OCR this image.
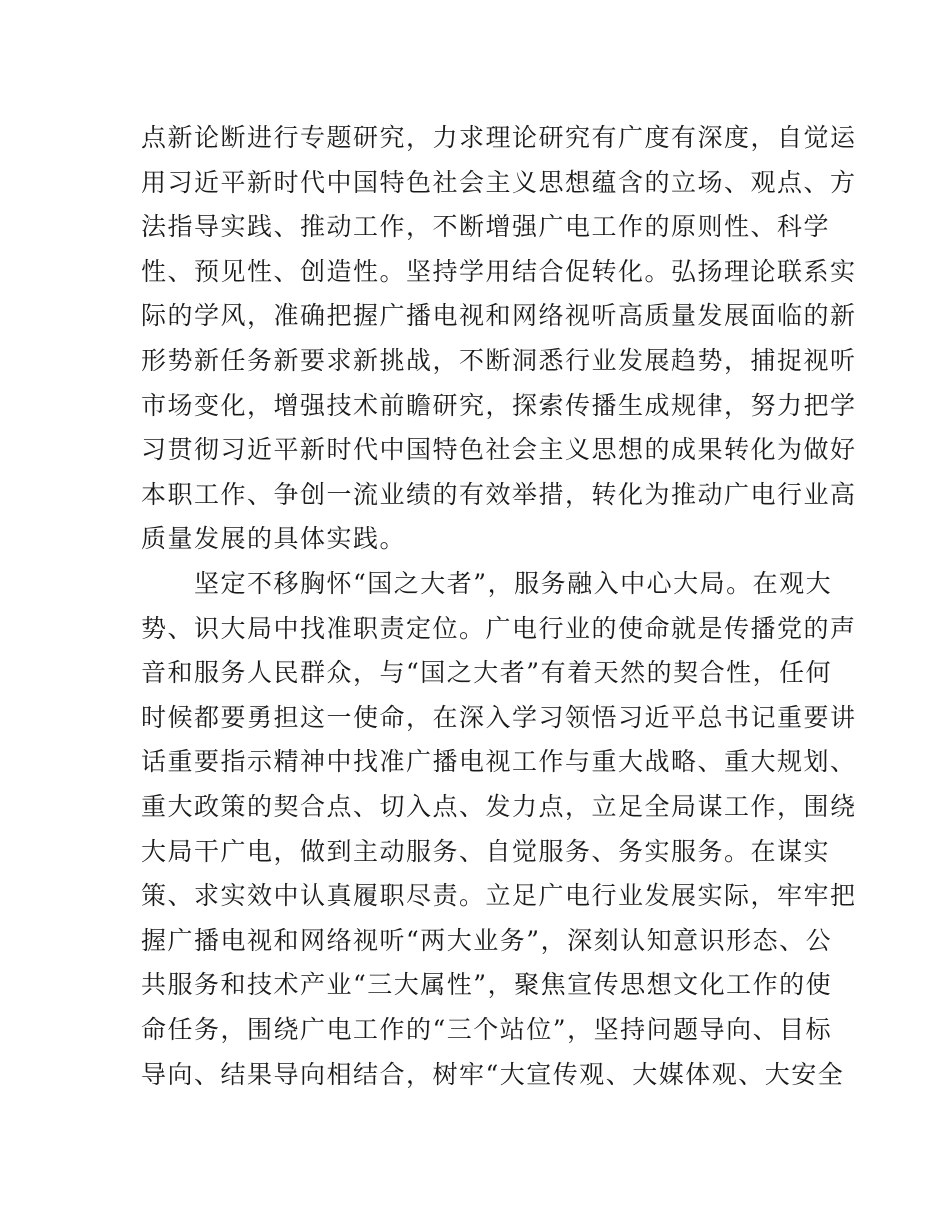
点新论断进行专题研究，力求理论研究有广度有深度，自觉运
用习近平新时代中国特色社会主义思想蕴含的立场、观点、方
法指导实践、推动工作，不断增强广电工作的原则性、科学
性、预见性、创造性。坚持学用结合促转化。弘扬理论联系实
际的学风，准确把握广播电视和网络视听高质量发展面临的新
形势新任务新要求新挑战，不断洞悉行业发展趋势，捕捉视听
市场变化，增强技术前瞻研究，探索传播生成规律，努力把学
习贯彻习近平新时代中国特色社会主义思想的成果转化为做好
本职工作、争创一流业绩的有效举措，转化为推动广电行业高
质量发展的具体实践。
　　坚定不移胸怀“国之大者”，服务融入中心大局。在观大
势、识大局中找准职责定位。广电行业的使命就是传播党的声
音和服务人民群众，与“国之大者”有着天然的契合性，任何
时候都要勇担这一使命，在深入学习领悟习近平总书记重要讲
话重要指示精神中找准广播电视工作与重大战略、重大规划、
重大政策的契合点、切入点、发力点，立足全局谋工作，围绕
大局干广电，做到主动服务、自觉服务、务实服务。在谋实
策、求实效中认真履职尽责。立足广电行业发展实际，牢牢把
握广播电视和网络视听“两大业务”，深刻认知意识形态、公
共服务和技术产业“三大属性”，聚焦宣传思想文化工作的使
命任务，围绕广电工作的“三个站位”，坚持问题导向、目标
导向、结果导向相结合，树牢“大宣传观、大媒体观、大安全
